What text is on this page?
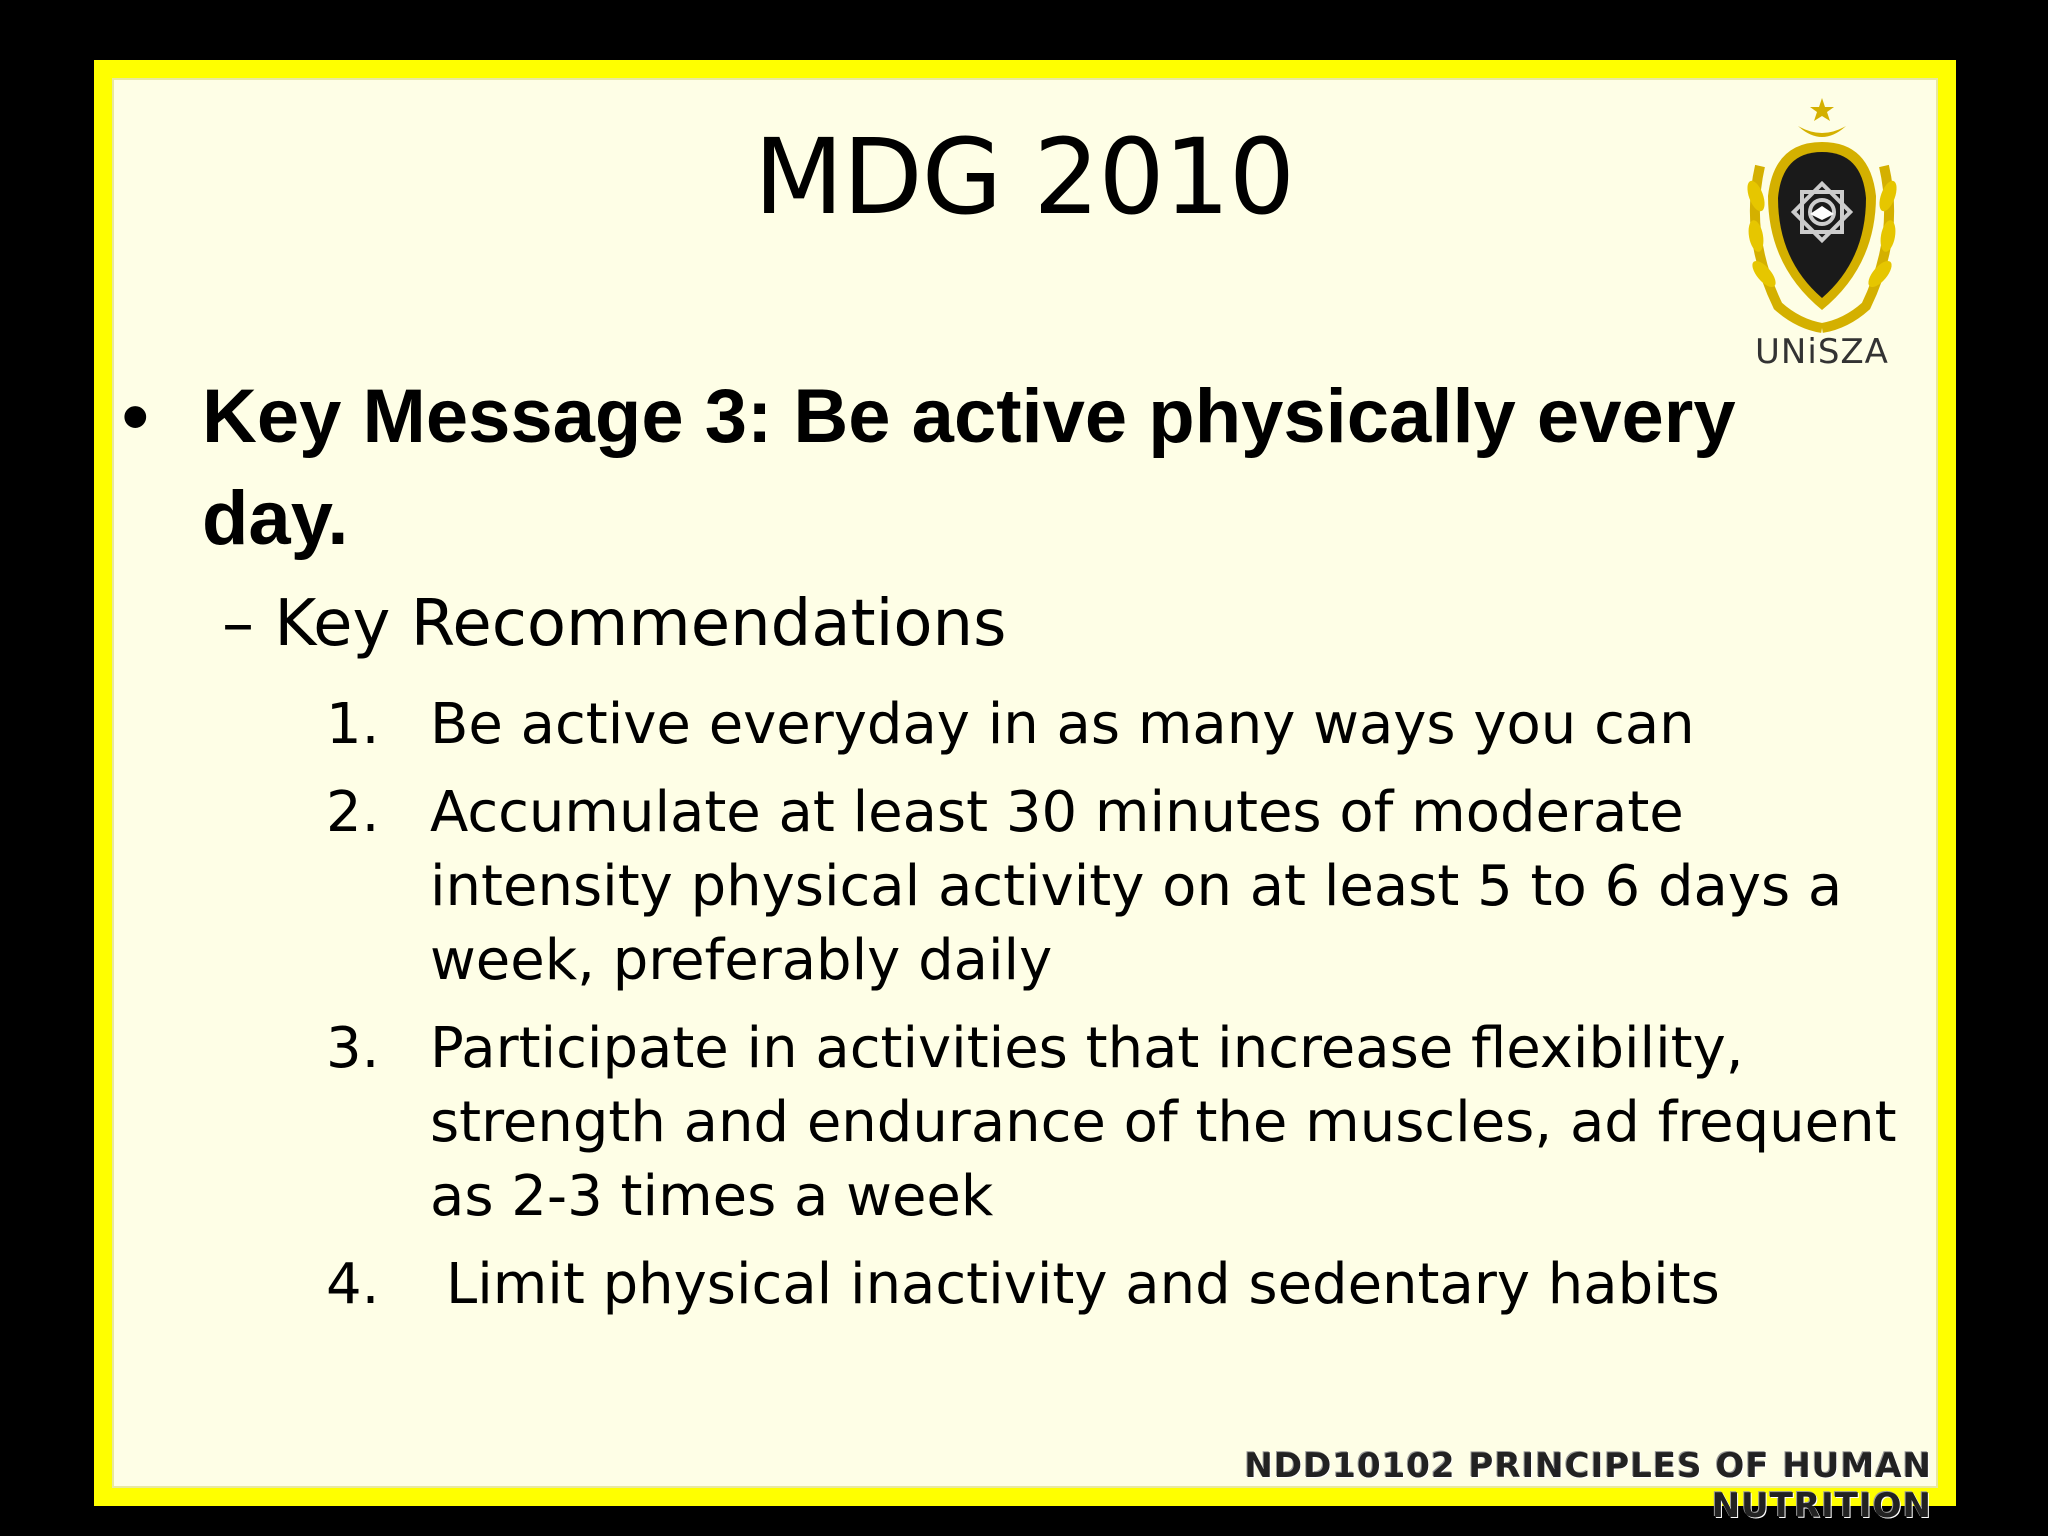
MDG 2010
UNiSZA
• Key Message 3: Be active physically every day.
– Key Recommendations
1. Be active everyday in as many ways you can
2. Accumulate at least 30 minutes of moderate intensity physical activity on at least 5 to 6 days a week, preferably daily
3. Participate in activities that increase flexibility, strength and endurance of the muscles, ad frequent as 2-3 times a week
4.	Limit physical inactivity and sedentary habits
NDD10102 PRINCIPLES OF HUMAN NUTRITION
